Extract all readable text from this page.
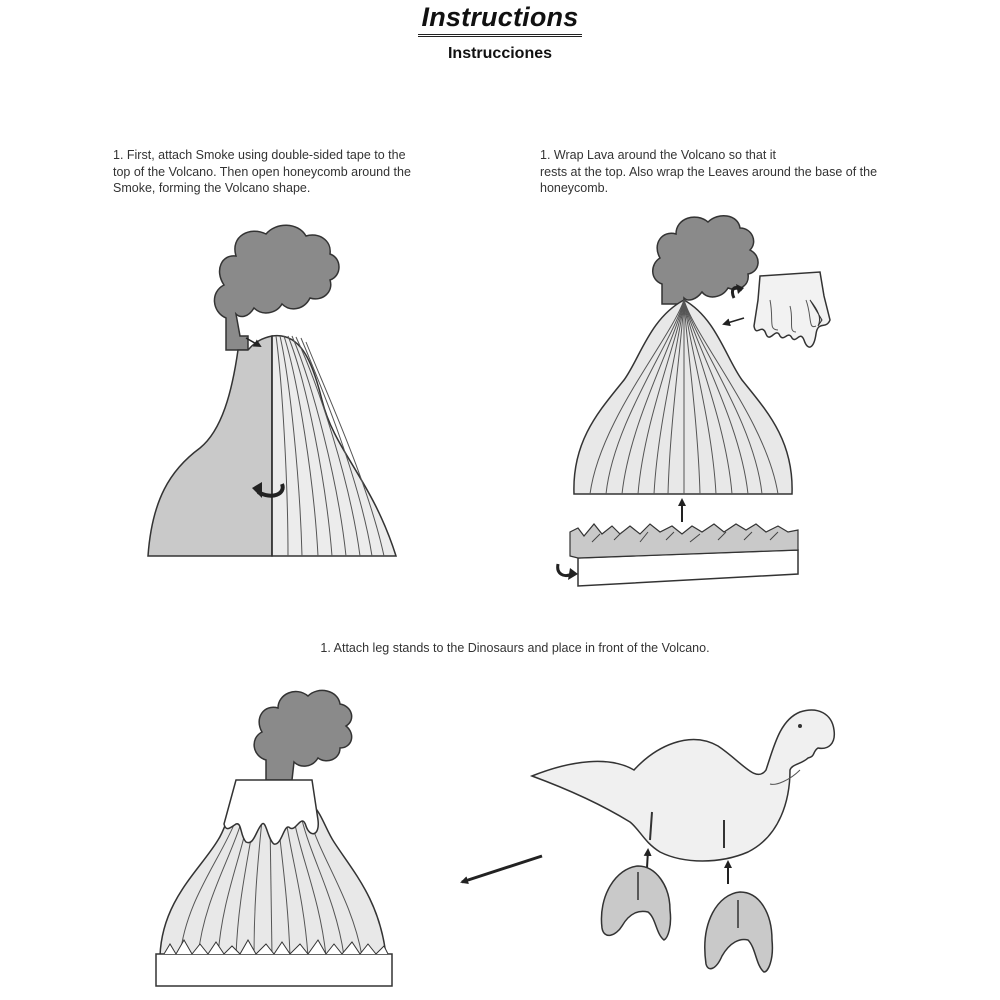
Instructions
Instrucciones
1. First, attach Smoke using double-sided tape to the
top of the Volcano. Then open honeycomb around the
Smoke, forming the Volcano shape.
1. Wrap Lava around the Volcano so that it
rests at the top. Also wrap the Leaves around the base of the
honeycomb.
1. Attach leg stands to the Dinosaurs and place in front of the Volcano.
